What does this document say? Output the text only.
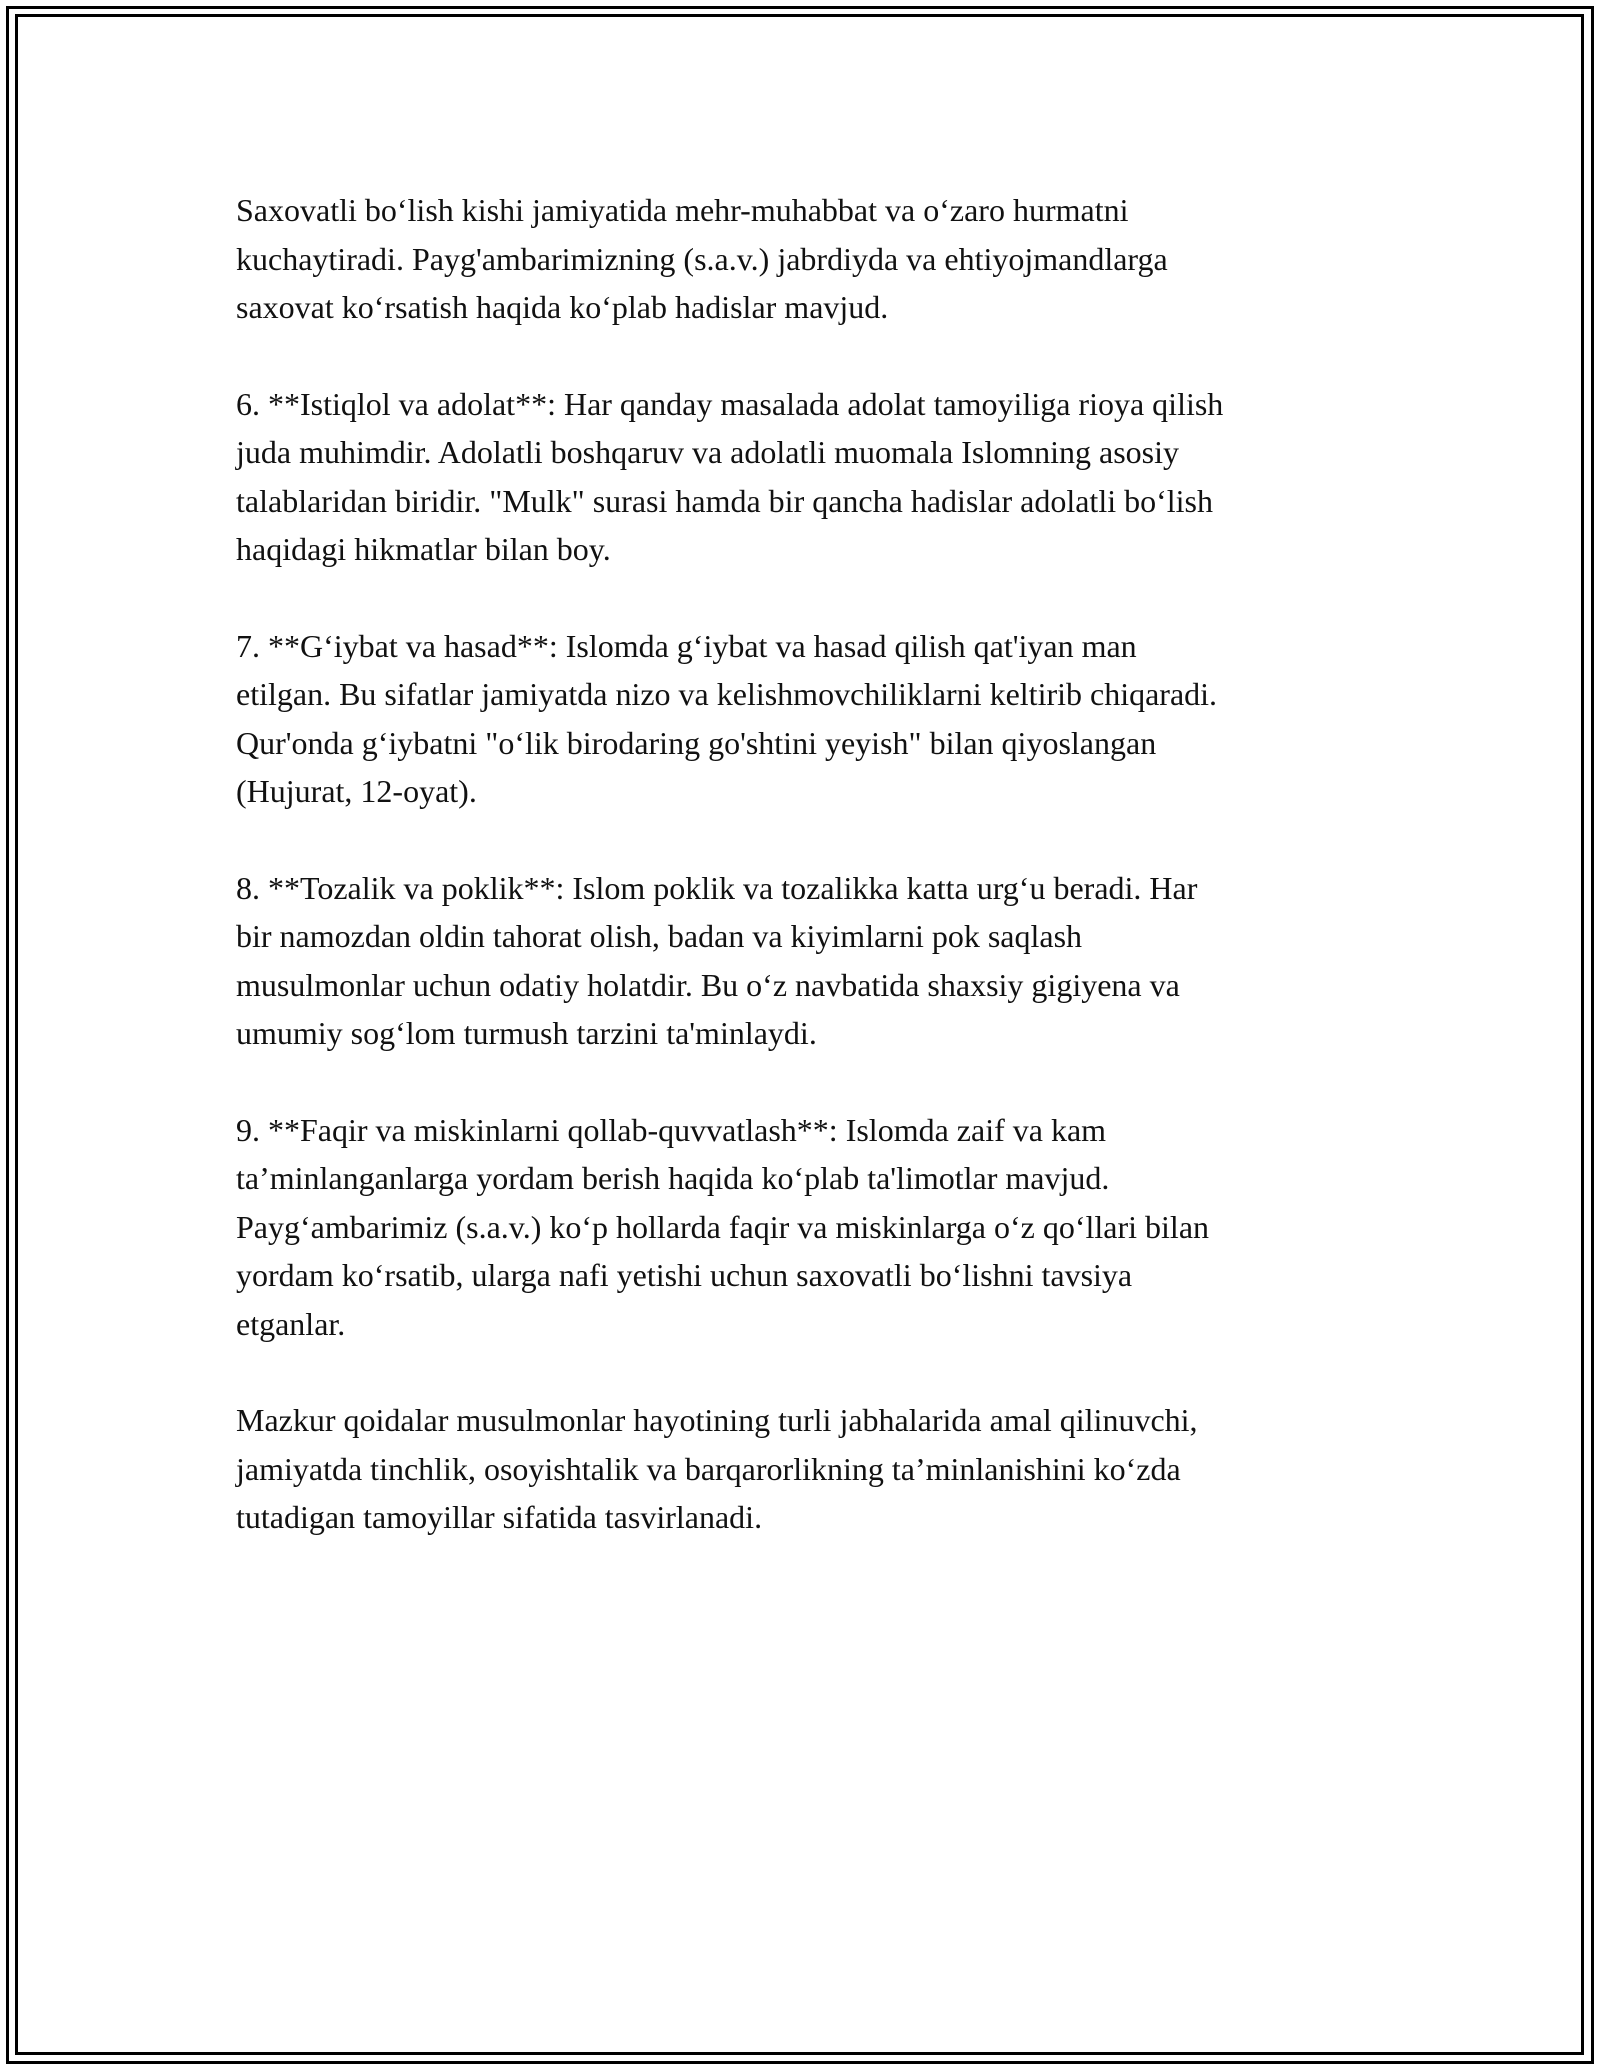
Saxovatli bo‘lish kishi jamiyatida mehr-muhabbat va o‘zaro hurmatni
kuchaytiradi. Payg'ambarimizning (s.a.v.) jabrdiyda va ehtiyojmandlarga
saxovat ko‘rsatish haqida ko‘plab hadislar mavjud.

6. **Istiqlol va adolat**: Har qanday masalada adolat tamoyiliga rioya qilish
juda muhimdir. Adolatli boshqaruv va adolatli muomala Islomning asosiy
talablaridan biridir. "Mulk" surasi hamda bir qancha hadislar adolatli bo‘lish
haqidagi hikmatlar bilan boy.

7. **G‘iybat va hasad**: Islomda g‘iybat va hasad qilish qat'iyan man
etilgan. Bu sifatlar jamiyatda nizo va kelishmovchiliklarni keltirib chiqaradi.
Qur'onda g‘iybatni "o‘lik birodaring go'shtini yeyish" bilan qiyoslangan
(Hujurat, 12-oyat).

8. **Tozalik va poklik**: Islom poklik va tozalikka katta urg‘u beradi. Har
bir namozdan oldin tahorat olish, badan va kiyimlarni pok saqlash
musulmonlar uchun odatiy holatdir. Bu o‘z navbatida shaxsiy gigiyena va
umumiy sog‘lom turmush tarzini ta'minlaydi.

9. **Faqir va miskinlarni qollab-quvvatlash**: Islomda zaif va kam
ta’minlanganlarga yordam berish haqida ko‘plab ta'limotlar mavjud.
Payg‘ambarimiz (s.a.v.) ko‘p hollarda faqir va miskinlarga o‘z qo‘llari bilan
yordam ko‘rsatib, ularga nafi yetishi uchun saxovatli bo‘lishni tavsiya
etganlar.

Mazkur qoidalar musulmonlar hayotining turli jabhalarida amal qilinuvchi,
jamiyatda tinchlik, osoyishtalik va barqarorlikning ta’minlanishini ko‘zda
tutadigan tamoyillar sifatida tasvirlanadi.
